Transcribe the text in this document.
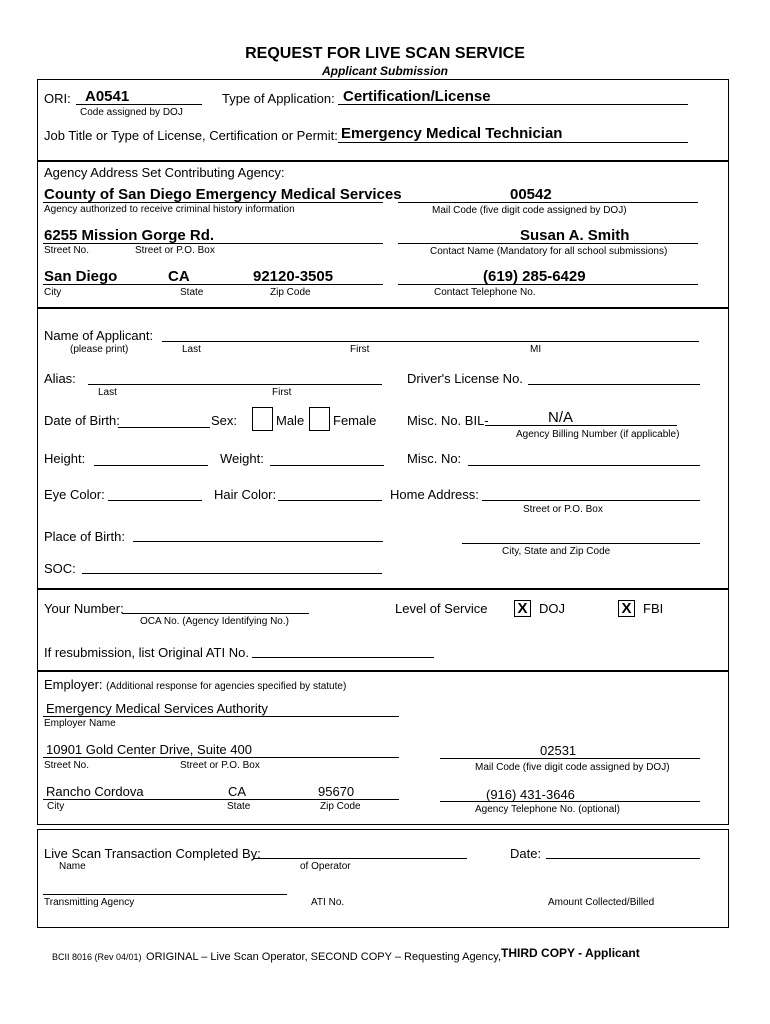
REQUEST FOR LIVE SCAN SERVICE
Applicant Submission
ORI: A0541
Code assigned by DOJ
Type of Application: Certification/License
Job Title or Type of License, Certification or Permit: Emergency Medical Technician
Agency Address Set Contributing Agency:
County of San Diego Emergency Medical Services
Agency authorized to receive criminal history information
00542
Mail Code (five digit code assigned by DOJ)
6255 Mission Gorge Rd.
Street No.	Street or P.O. Box
Susan A. Smith
Contact Name (Mandatory for all school submissions)
San Diego	CA	92120-3505
City	State	Zip Code
(619) 285-6429
Contact Telephone No.
Name of Applicant:
(please print)	Last	First	MI
Alias:
Last	First
Driver's License No.
Date of Birth:	Sex:	Male Female Misc. No. BIL-	N/A
Agency Billing Number (if applicable)
Height:	Weight:	Misc. No:
Eye Color:	Hair Color:	Home Address:
Street or P.O. Box
Place of Birth:
City, State and Zip Code
SOC:
Your Number:
OCA No. (Agency Identifying No.)
Level of Service X DOJ	X FBI
If resubmission, list Original ATI No.
Employer: (Additional response for agencies specified by statute)
Emergency Medical Services Authority
Employer Name
10901 Gold Center Drive, Suite 400
Street No.	Street or P.O. Box
02531
Mail Code (five digit code assigned by DOJ)
Rancho Cordova	CA	95670
City	State	Zip Code
(916) 431-3646
Agency Telephone No. (optional)
Live Scan Transaction Completed By:
Name	of Operator
Date:
Transmitting Agency	ATI No.	Amount Collected/Billed
BCII 8016 (Rev 04/01) ORIGINAL – Live Scan Operator, SECOND COPY – Requesting Agency,THIRD COPY - Applicant
